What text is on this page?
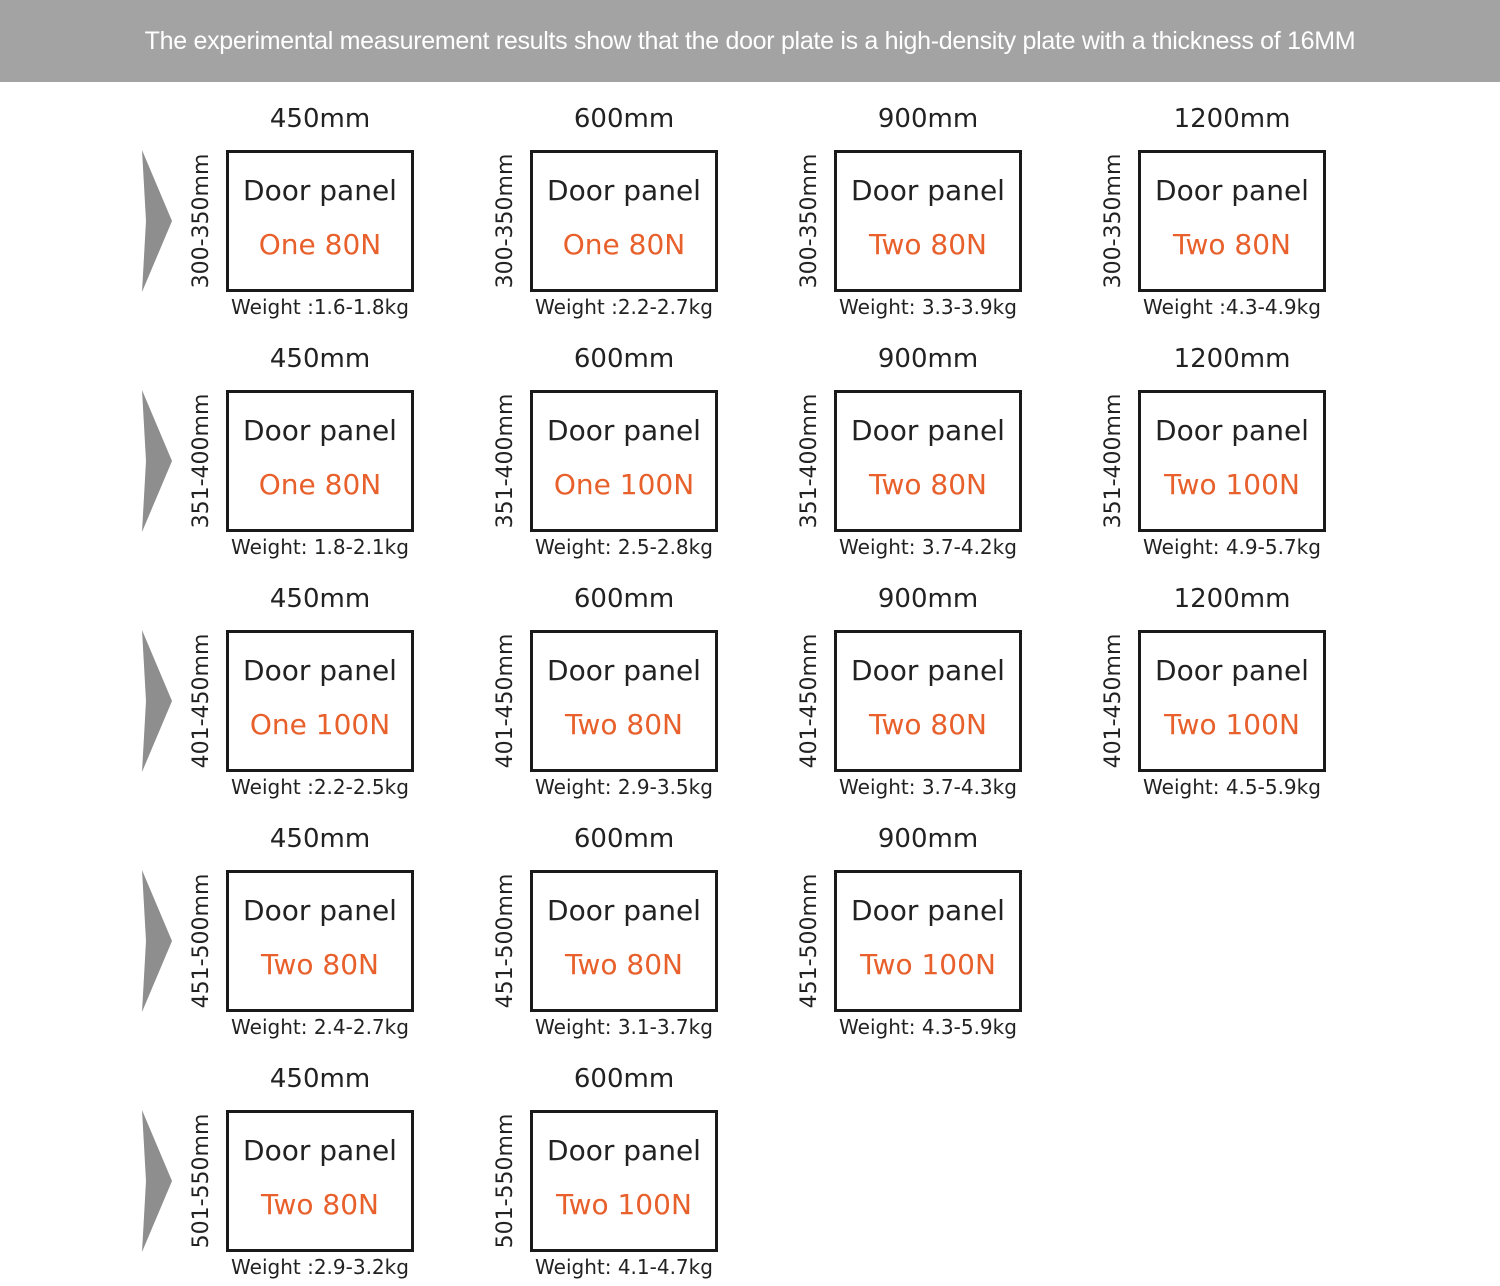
The experimental measurement results show that the door plate is a high-density plate with a thickness of 16MM
450mm
300-350mm	Door panel
One 80N
Weight :1.6-1.8kg
600mm
300-350mm	Door panel
One 80N
Weight :2.2-2.7kg
900mm
300-350mm	Door panel
Two 80N
Weight: 3.3-3.9kg
1200mm
300-350mm	Door panel
Two 80N
Weight :4.3-4.9kg
450mm
351-400mm	Door panel
One 80N
Weight: 1.8-2.1kg
600mm
351-400mm	Door panel
One 100N
Weight: 2.5-2.8kg
900mm
351-400mm	Door panel
Two 80N
Weight: 3.7-4.2kg
1200mm
351-400mm	Door panel
Two 100N
Weight: 4.9-5.7kg
450mm
401-450mm	Door panel
One 100N
Weight :2.2-2.5kg
600mm
401-450mm	Door panel
Two 80N
Weight: 2.9-3.5kg
900mm
401-450mm	Door panel
Two 80N
Weight: 3.7-4.3kg
1200mm
401-450mm	Door panel
Two 100N
Weight: 4.5-5.9kg
450mm
451-500mm	Door panel
Two 80N
Weight: 2.4-2.7kg
600mm
451-500mm	Door panel
Two 80N
Weight: 3.1-3.7kg
900mm
451-500mm	Door panel
Two 100N
Weight: 4.3-5.9kg
450mm
501-550mm	Door panel
Two 80N
Weight :2.9-3.2kg
600mm
501-550mm	Door panel
Two 100N
Weight: 4.1-4.7kg
